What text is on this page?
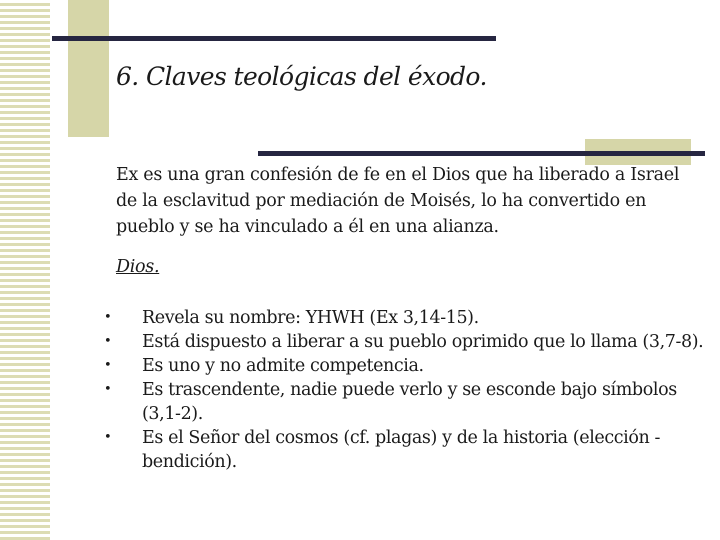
6. Claves teológicas del éxodo.

Ex es una gran confesión de fe en el Dios que ha liberado a Israel de la esclavitud por mediación de Moisés, lo ha convertido en pueblo y se ha vinculado a él en una alianza.

Dios.

•	Revela su nombre: YHWH (Ex 3,14-15).
•	Está dispuesto a liberar a su pueblo oprimido que lo llama (3,7-8).
•	Es uno y no admite competencia.
•	Es trascendente, nadie puede verlo y se esconde bajo símbolos (3,1-2).
•	Es el Señor del cosmos (cf. plagas) y de la historia (elección - bendición).
